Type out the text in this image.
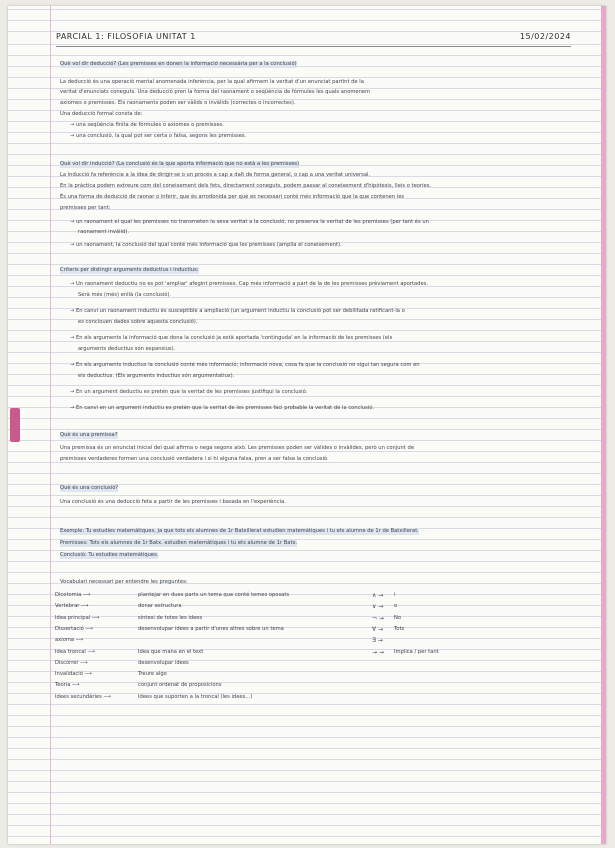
PARCIAL 1: FILOSOFIA UNITAT 1	15/02/2024
Què vol dir deducció? (Les premisses en donen la informació necessària per a la conclusió)
La deducció és una operació mental anomenada inferència, per la qual afirmem la veritat d'un enunciat partint de la
veritat d'enunciats coneguts. Una deducció pren la forma del raonament o seqüència de fórmules les quals anomenem
axiomes o premisses. Els raonaments poden ser vàlids o invàlids (correctes o incorrectes).
Una deducció formal consta de:
→ una seqüència finita de fórmules o axiomes o premisses.
→ una conclusió, la qual pot ser certa o falsa, segons les premisses.
Què vol dir inducció? (La conclusió és la que aporta informació que no està a les premisses)
La inducció fa referència a la idea de dirigir-se o un procés a cap a dalt de forma general, o cap a una veritat universal.
En la pràctica podem extreure com del coneixement dels fets, directament coneguts, podem passar al coneixement d'hipòtesis, lleis o teories.
És una forma de deducció de raonar o inferir, que és arrodonida per què es necessari conté més informació que la que contenen les
premisses per tant:
→ un raonament el qual les premisses no transmeten la seva veritat a la conclusió, no preserva la veritat de les premisses (per tant és un
raonament invàlid).
→ un raonament, la conclusió del qual conté més informació que les premisses (amplia el coneixement).
Criteris per distingir arguments deductius i inductius:
→ Un raonament deductiu no es pot 'ampliar' afegint premisses. Cap més informació a part de la de les premisses prèviament aportades.
Serà més (més) enllà (la conclusió).
→ En canvi un raonament inductiu és susceptible a ampliació (un argument inductiu la conclusió pot ser debilitada ratificant-la o
es conclouen dades sobre aquesta conclusió).
→ En els arguments la informació que dona la conclusió ja està aportada 'continguda' en la informació de les premisses (els
arguments deductius són expansius).
→ En els arguments inductius la conclusió conté més informació; informació nova, cosa fa que la conclusió no sigui tan segura com en
els deductius. (Els arguments inductius són argumentatius).
→ En un argument deductiu es pretén que la veritat de les premisses justifiqui la conclusió.
→ En canvi en un argument inductiu es pretén que la veritat de les premisses faci probable la veritat de la conclusió.
Què és una premissa?
Una premissa és un enunciat inicial del qual afirma o nega segons això. Les premisses poden ser vàlides o invàlides, però un conjunt de
premisses verdaderes formen una conclusió verdadera i si hi alguna falsa, pren a ser falsa la conclusió.
Què és una conclusió?
Una conclusió és una deducció feta a partir de les premisses i basada en l'experiència.
Exemple: Tu estudies matemàtiques, ja que tots els alumnes de 1r Batxillerat estudien matemàtiques i tu ets alumne de 1r de Batxillerat.
Premisses: Tots els alumnes de 1r Batx. estudien matemàtiques i tu ets alumne de 1r Batx.
Conclusió: Tu estudies matemàtiques.
Vocabulari necessari per entendre les preguntes:
Dicotomia ⟶	plantejar en dues parts un tema que conté temes oposats
Vertebrar ⟶	donar estructura
Idea principal ⟶	síntesi de totes les idees
Dissertació ⟶	desenvolupar idees a partir d'unes altres sobre un tema
axioma ⟶
Idea troncal ⟶	Idea que mana en el text
Discórrer ⟶	desenvolupar idees
Invalidació ⟶	Treure algo
Teoria ⟶	conjunt ordenat de proposicions
Idees secundàries ⟶	Idees que suporten a la troncal (les idees...)
∧ → i
∨ → o
¬ → No
∀ → Tots
∃ →
→ → Implica / per tant
